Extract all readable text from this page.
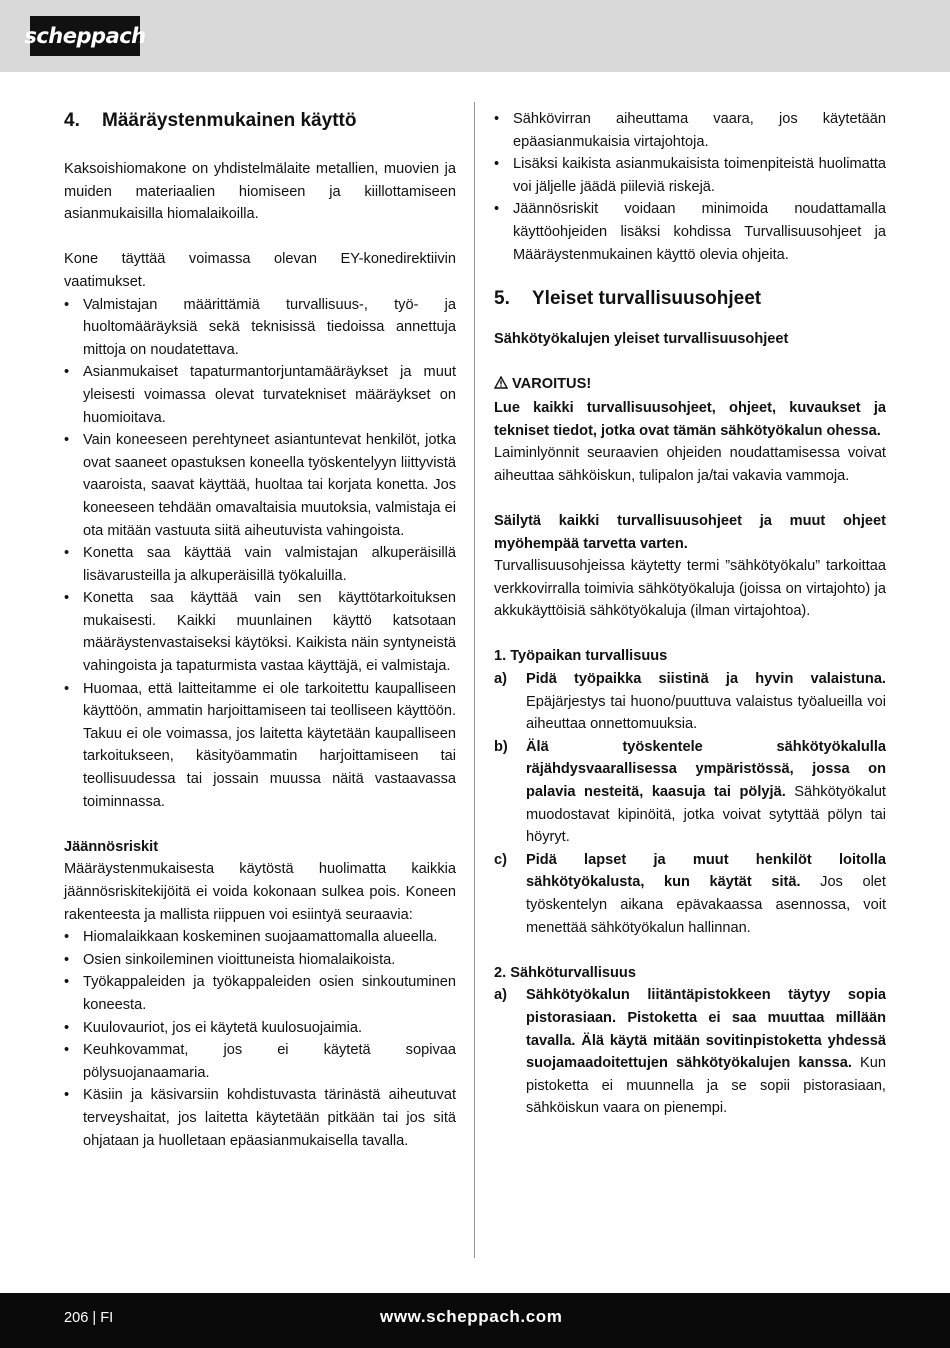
scheppach
4.	Määräystenmukainen käyttö

Kaksoishiomakone on yhdistelmälaite metallien, muovien ja muiden materiaalien hiomiseen ja kiillottamiseen asianmukaisilla hiomalaikoilla.

Kone täyttää voimassa olevan EY-konedirektiivin vaatimukset.

• Valmistajan määrittämiä turvallisuus-, työ- ja huoltomääräyksiä sekä teknisissä tiedoissa annettuja mittoja on noudatettava.
• Asianmukaiset tapaturmantorjuntamääräykset ja muut yleisesti voimassa olevat turvatekniset määräykset on huomioitava.
• Vain koneeseen perehtyneet asiantuntevat henkilöt, jotka ovat saaneet opastuksen koneella työskentelyyn liittyvistä vaaroista, saavat käyttää, huoltaa tai korjata konetta. Jos koneeseen tehdään omavaltaisia muutoksia, valmistaja ei ota mitään vastuuta siitä aiheutuvista vahingoista.
• Konetta saa käyttää vain valmistajan alkuperäisillä lisävarusteilla ja alkuperäisillä työkaluilla.
• Konetta saa käyttää vain sen käyttötarkoituksen mukaisesti. Kaikki muunlainen käyttö katsotaan määräystenvastaiseksi käytöksi. Kaikista näin syntyneistä vahingoista ja tapaturmista vastaa käyttäjä, ei valmistaja.
• Huomaa, että laitteitamme ei ole tarkoitettu kaupalliseen käyttöön, ammatin harjoittamiseen tai teolliseen käyttöön. Takuu ei ole voimassa, jos laitetta käytetään kaupalliseen tarkoitukseen, käsityöammatin harjoittamiseen tai teollisuudessa tai jossain muussa näitä vastaavassa toiminnassa.

Jäännösriskit

Määräystenmukaisesta käytöstä huolimatta kaikkia jäännösriskitekijöitä ei voida kokonaan sulkea pois. Koneen rakenteesta ja mallista riippuen voi esiintyä seuraavia:

• Hiomalaikkaan koskeminen suojaamattomalla alueella.
• Osien sinkoileminen vioittuneista hiomalaikoista.
• Työkappaleiden ja työkappaleiden osien sinkoutuminen koneesta.
• Kuulovauriot, jos ei käytetä kuulosuojaimia.
• Keuhkovammat, jos ei käytetä sopivaa pölysuojanaamaria.
• Käsiin ja käsivarsiin kohdistuvasta tärinästä aiheutuvat terveyshaitat, jos laitetta käytetään pitkään tai jos sitä ohjataan ja huolletaan epäasianmukaisella tavalla.
• Sähkövirran aiheuttama vaara, jos käytetään epäasianmukaisia virtajohtoja.
• Lisäksi kaikista asianmukaisista toimenpiteistä huolimatta voi jäljelle jäädä piileviä riskejä.
• Jäännösriskit voidaan minimoida noudattamalla käyttöohjeiden lisäksi kohdissa Turvallisuusohjeet ja Määräystenmukainen käyttö olevia ohjeita.
5.	Yleiset turvallisuusohjeet

Sähkötyökalujen yleiset turvallisuusohjeet

VAROITUS!

Lue kaikki turvallisuusohjeet, ohjeet, kuvaukset ja tekniset tiedot, jotka ovat tämän sähkötyökalun ohessa.

Laiminlyönnit seuraavien ohjeiden noudattamisessa voivat aiheuttaa sähköiskun, tulipalon ja/tai vakavia vammoja.

Säilytä kaikki turvallisuusohjeet ja muut ohjeet myöhempää tarvetta varten.

Turvallisuusohjeissa käytetty termi ”sähkötyökalu” tarkoittaa verkkovirralla toimivia sähkötyökaluja (joissa on virtajohto) ja akkukäyttöisiä sähkötyökaluja (ilman virtajohtoa).

1. Työpaikan turvallisuus

a) Pidä työpaikka siistinä ja hyvin valaistuna. Epäjärjestys tai huono/puuttuva valaistus työalueilla voi aiheuttaa onnettomuuksia.
b) Älä työskentele sähkötyökalulla räjähdysvaarallisessa ympäristössä, jossa on palavia nesteitä, kaasuja tai pölyjä. Sähkötyökalut muodostavat kipinöitä, jotka voivat sytyttää pölyn tai höyryt.
c) Pidä lapset ja muut henkilöt loitolla sähkötyökalusta, kun käytät sitä. Jos olet työskentelyn aikana epävakaassa asennossa, voit menettää sähkötyökalun hallinnan.

2. Sähköturvallisuus

a) Sähkötyökalun liitäntäpistokkeen täytyy sopia pistorasiaan. Pistoketta ei saa muuttaa millään tavalla. Älä käytä mitään sovitinpistoketta yhdessä suojamaadoitettujen sähkötyökalujen kanssa. Kun pistoketta ei muunnella ja se sopii pistorasiaan, sähköiskun vaara on pienempi.
206 | FI	www.scheppach.com
